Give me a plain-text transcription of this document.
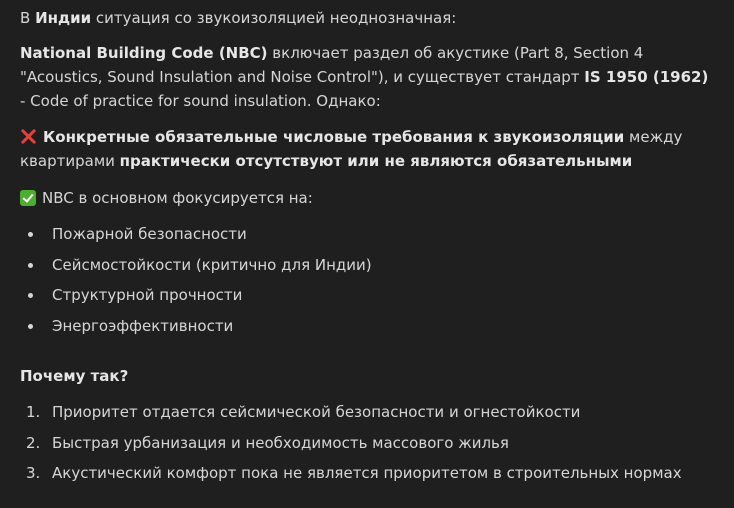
В Индии ситуация со звукоизоляцией неоднозначная:

National Building Code (NBC) включает раздел об акустике (Part 8, Section 4 "Acoustics, Sound Insulation and Noise Control"), и существует стандарт IS 1950 (1962) - Code of practice for sound insulation. Однако:

Конкретные обязательные числовые требования к звукоизоляции между квартирами практически отсутствуют или не являются обязательными

NBC в основном фокусируется на:

Пожарной безопасности
Сейсмостойкости (критично для Индии)
Структурной прочности
Энергоэффективности
Почему так?
1. Приоритет отдается сейсмической безопасности и огнестойкости
2. Быстрая урбанизация и необходимость массового жилья
3. Акустический комфорт пока не является приоритетом в строительных нормах
